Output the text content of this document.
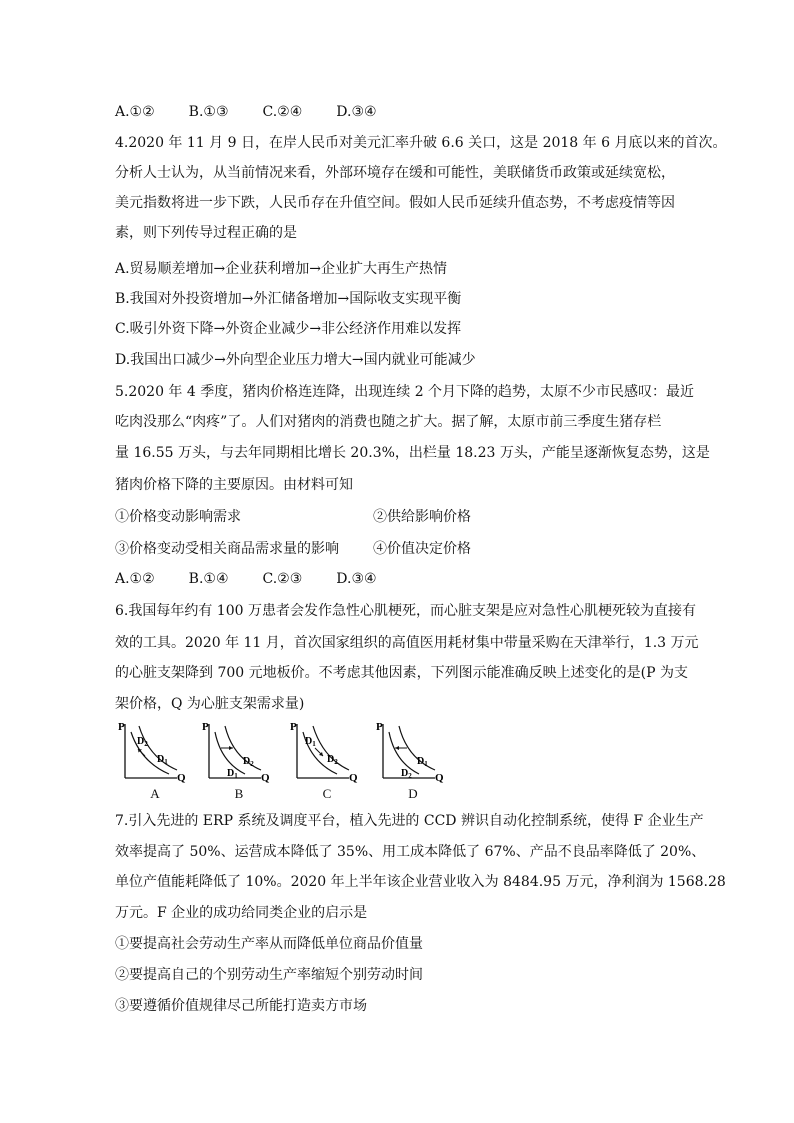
A.①② B.①③ C.②④ D.③④
4.2020 年 11 月 9 日，在岸人民币对美元汇率升破 6.6 关口，这是 2018 年 6 月底以来的首次。
分析人士认为，从当前情况来看，外部环境存在缓和可能性，美联储货币政策或延续宽松，
美元指数将进一步下跌，人民币存在升值空间。假如人民币延续升值态势，不考虑疫情等因
素，则下列传导过程正确的是
A.贸易顺差增加→企业获利增加→企业扩大再生产热情
B.我国对外投资增加→外汇储备增加→国际收支实现平衡
C.吸引外资下降→外资企业减少→非公经济作用难以发挥
D.我国出口减少→外向型企业压力增大→国内就业可能减少
5.2020 年 4 季度，猪肉价格连连降，出现连续 2 个月下降的趋势，太原不少市民感叹：最近
吃肉没那么“肉疼”了。人们对猪肉的消费也随之扩大。据了解，太原市前三季度生猪存栏
量 16.55 万头，与去年同期相比增长 20.3%，出栏量 18.23 万头，产能呈逐渐恢复态势，这是
猪肉价格下降的主要原因。由材料可知
①价格变动影响需求	②供给影响价格
③价格变动受相关商品需求量的影响 ④价值决定价格
A.①② B.①④ C.②③ D.③④
6.我国每年约有 100 万患者会发作急性心肌梗死，而心脏支架是应对急性心肌梗死较为直接有
效的工具。2020 年 11 月，首次国家组织的高值医用耗材集中带量采购在天津举行，1.3 万元
的心脏支架降到 700 元地板价。不考虑其他因素，下列图示能准确反映上述变化的是(P 为支
架价格，Q 为心脏支架需求量)
P
Q
$D_2$
$D_1$
A
P
Q
$D_1$
$D_2$
B
P
Q
$D_1$
$D_2$
C
P
Q
$D_1$
$D_2$
D
7.引入先进的 ERP 系统及调度平台，植入先进的 CCD 辨识自动化控制系统，使得 F 企业生产
效率提高了 50%、运营成本降低了 35%、用工成本降低了 67%、产品不良品率降低了 20%、
单位产值能耗降低了 10%。2020 年上半年该企业营业收入为 8484.95 万元，净利润为 1568.28
万元。F 企业的成功给同类企业的启示是
①要提高社会劳动生产率从而降低单位商品价值量
②要提高自己的个别劳动生产率缩短个别劳动时间
③要遵循价值规律尽己所能打造卖方市场
